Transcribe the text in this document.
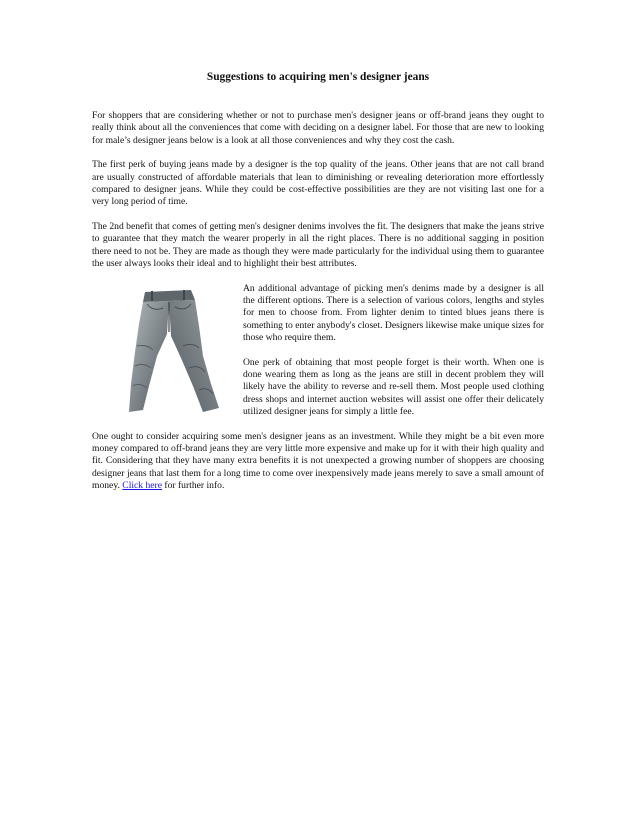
Suggestions to acquiring men's designer jeans

For shoppers that are considering whether or not to purchase men's designer jeans or off-brand jeans they ought to really think about all the conveniences that come with deciding on a designer label. For those that are new to looking for male’s designer jeans below is a look at all those conveniences and why they cost the cash.

The first perk of buying jeans made by a designer is the top quality of the jeans. Other jeans that are not call brand are usually constructed of affordable materials that lean to diminishing or revealing deterioration more effortlessly compared to designer jeans. While they could be cost-effective possibilities are they are not visiting last one for a very long period of time.

The 2nd benefit that comes of getting men's designer denims involves the fit. The designers that make the jeans strive to guarantee that they match the wearer properly in all the right places. There is no additional sagging in position there need to not be. They are made as though they were made particularly for the individual using them to guarantee the user always looks their ideal and to highlight their best attributes.

An additional advantage of picking men's denims made by a designer is all the different options. There is a selection of various colors, lengths and styles for men to choose from. From lighter denim to tinted blues jeans there is something to enter anybody's closet. Designers likewise make unique sizes for those who require them.

One perk of obtaining that most people forget is their worth. When one is done wearing them as long as the jeans are still in decent problem they will likely have the ability to reverse and re-sell them. Most people used clothing dress shops and internet auction websites will assist one offer their delicately utilized designer jeans for simply a little fee.

One ought to consider acquiring some men's designer jeans as an investment. While they might be a bit even more money compared to off-brand jeans they are very little more expensive and make up for it with their high quality and fit. Considering that they have many extra benefits it is not unexpected a growing number of shoppers are choosing designer jeans that last them for a long time to come over inexpensively made jeans merely to save a small amount of money. Click here for further info.
